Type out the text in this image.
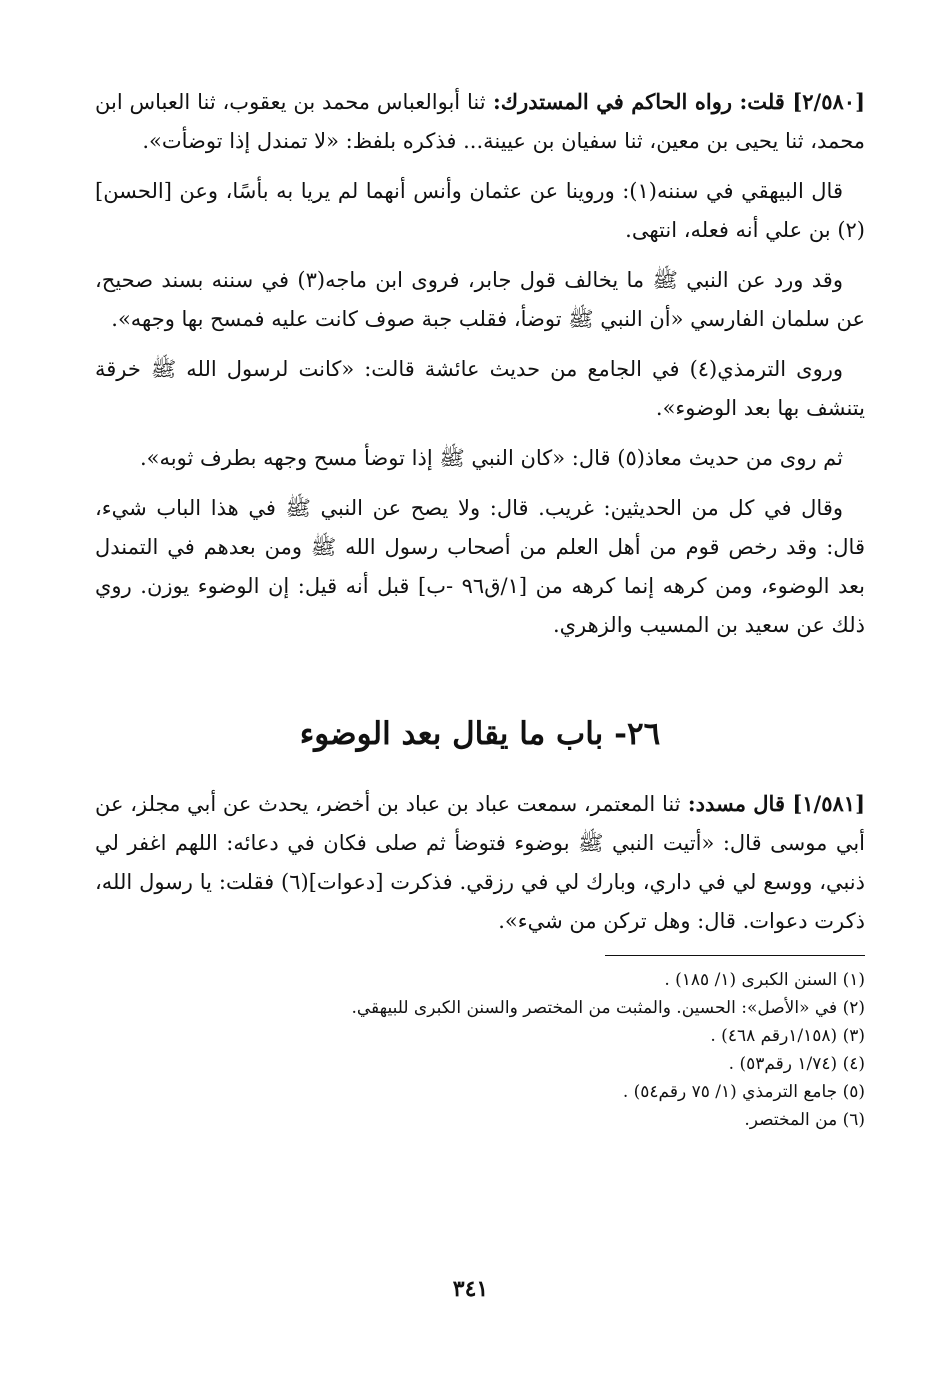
[٢/٥٨٠] قلت: رواه الحاكم في المستدرك: ثنا أبوالعباس محمد بن يعقوب، ثنا العباس ابن محمد، ثنا يحيى بن معين، ثنا سفيان بن عيينة... فذكره بلفظ: «لا تمندل إذا توضأت».

قال البيهقي في سننه(١): وروينا عن عثمان وأنس أنهما لم يريا به بأسًا، وعن [الحسن](٢) بن علي أنه فعله، انتهى.

وقد ورد عن النبي ﷺ ما يخالف قول جابر، فروى ابن ماجه(٣) في سننه بسند صحيح، عن سلمان الفارسي «أن النبي ﷺ توضأ، فقلب جبة صوف كانت عليه فمسح بها وجهه».

وروى الترمذي(٤) في الجامع من حديث عائشة قالت: «كانت لرسول الله ﷺ خرقة يتنشف بها بعد الوضوء».

ثم روى من حديث معاذ(٥) قال: «كان النبي ﷺ إذا توضأ مسح وجهه بطرف ثوبه».

وقال في كل من الحديثين: غريب. قال: ولا يصح عن النبي ﷺ في هذا الباب شيء، قال: وقد رخص قوم من أهل العلم من أصحاب رسول الله ﷺ ومن بعدهم في التمندل بعد الوضوء، ومن كرهه إنما كرهه من [١/ق٩٦ -ب] قبل أنه قيل: إن الوضوء يوزن. روي ذلك عن سعيد بن المسيب والزهري.

٢٦- باب ما يقال بعد الوضوء

[١/٥٨١] قال مسدد: ثنا المعتمر، سمعت عباد بن عباد بن أخضر، يحدث عن أبي مجلز، عن أبي موسى قال: «أتيت النبي ﷺ بوضوء فتوضأ ثم صلى فكان في دعائه: اللهم اغفر لي ذنبي، ووسع لي في داري، وبارك لي في رزقي. فذكرت [دعوات](٦) فقلت: يا رسول الله، ذكرت دعوات. قال: وهل تركن من شيء».

(١) السنن الكبرى (١/ ١٨٥) .

(٢) في «الأصل»: الحسين. والمثبت من المختصر والسنن الكبرى للبيهقي.

(٣) (١/١٥٨رقم ٤٦٨) .

(٤) (١/٧٤ رقم٥٣) .

(٥) جامع الترمذي (١/ ٧٥ رقم٥٤) .

(٦) من المختصر.

٣٤١
